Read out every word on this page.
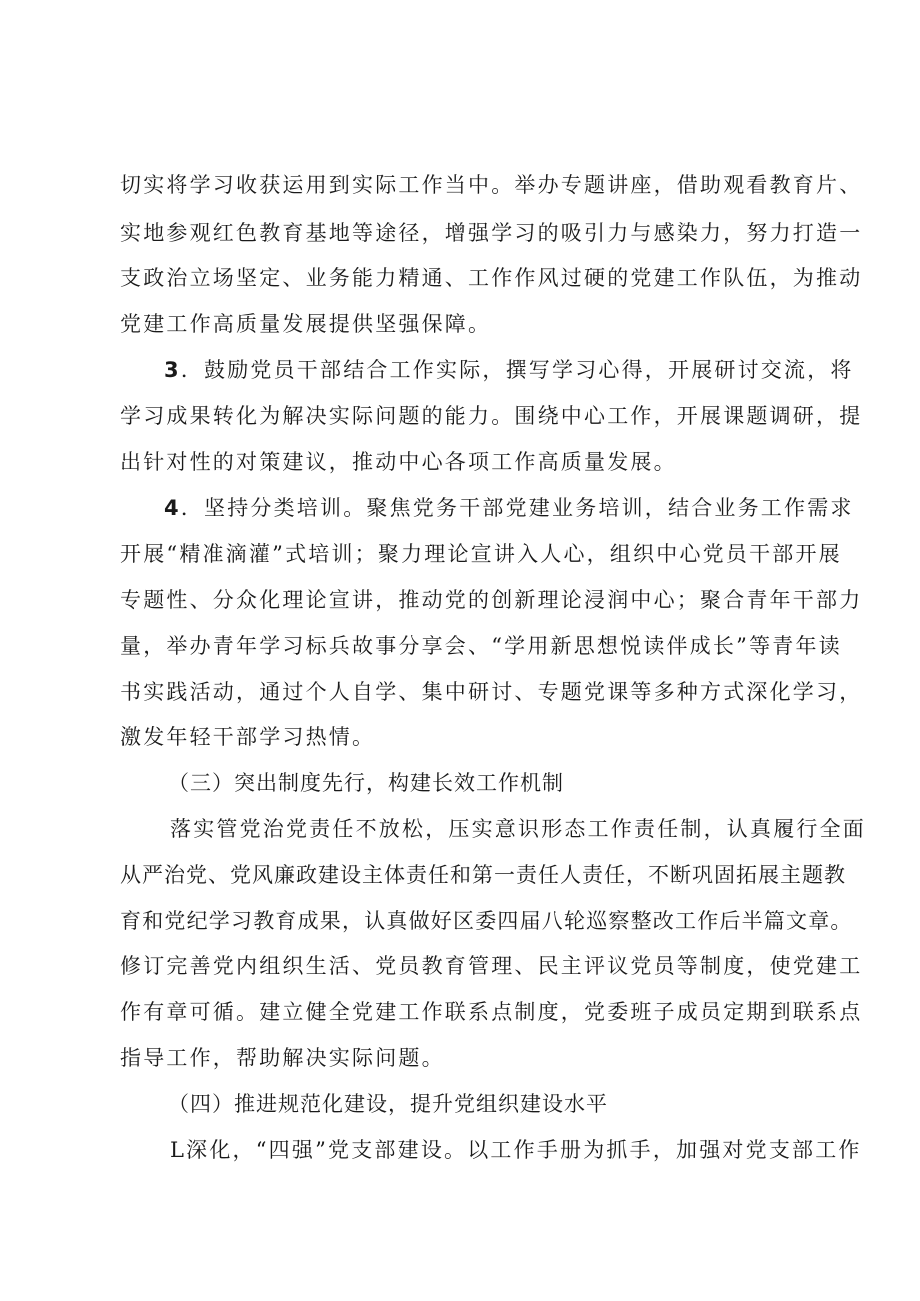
切实将学习收获运用到实际工作当中。举办专题讲座，借助观看教育片、
实地参观红色教育基地等途径，增强学习的吸引力与感染力，努力打造一
支政治立场坚定、业务能力精通、工作作风过硬的党建工作队伍，为推动
党建工作高质量发展提供坚强保障。
3．鼓励党员干部结合工作实际，撰写学习心得，开展研讨交流，将
学习成果转化为解决实际问题的能力。围绕中心工作，开展课题调研，提
出针对性的对策建议，推动中心各项工作高质量发展。
4．坚持分类培训。聚焦党务干部党建业务培训，结合业务工作需求
开展“精准滴灌”式培训；聚力理论宣讲入人心，组织中心党员干部开展
专题性、分众化理论宣讲，推动党的创新理论浸润中心；聚合青年干部力
量，举办青年学习标兵故事分享会、“学用新思想悦读伴成长”等青年读
书实践活动，通过个人自学、集中研讨、专题党课等多种方式深化学习，
激发年轻干部学习热情。
（三）突出制度先行，构建长效工作机制
落实管党治党责任不放松，压实意识形态工作责任制，认真履行全面
从严治党、党风廉政建设主体责任和第一责任人责任，不断巩固拓展主题教
育和党纪学习教育成果，认真做好区委四届八轮巡察整改工作后半篇文章。
修订完善党内组织生活、党员教育管理、民主评议党员等制度，使党建工
作有章可循。建立健全党建工作联系点制度，党委班子成员定期到联系点
指导工作，帮助解决实际问题。
（四）推进规范化建设，提升党组织建设水平
L深化，“四强”党支部建设。以工作手册为抓手，加强对党支部工作
